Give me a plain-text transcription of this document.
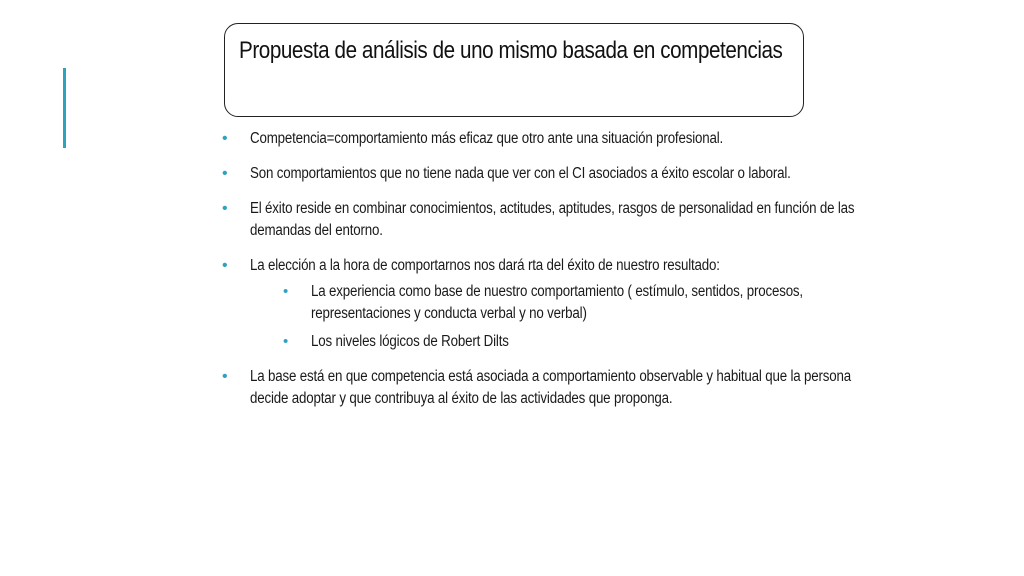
Propuesta de análisis de uno mismo basada en competencias
• Competencia=comportamiento más eficaz que otro ante una situación profesional.
• Son comportamientos que no tiene nada que ver con el CI asociados a éxito escolar o laboral.
• El éxito reside en combinar conocimientos, actitudes, aptitudes, rasgos de personalidad en función de las demandas del entorno.
• La elección a la hora de comportarnos nos dará rta del éxito de nuestro resultado:
• La experiencia como base de nuestro comportamiento ( estímulo, sentidos, procesos, representaciones y conducta verbal y no verbal)
• Los niveles lógicos de Robert Dilts
• La base está en que competencia está asociada a comportamiento observable y habitual que la persona decide adoptar y que contribuya al éxito de las actividades que proponga.
